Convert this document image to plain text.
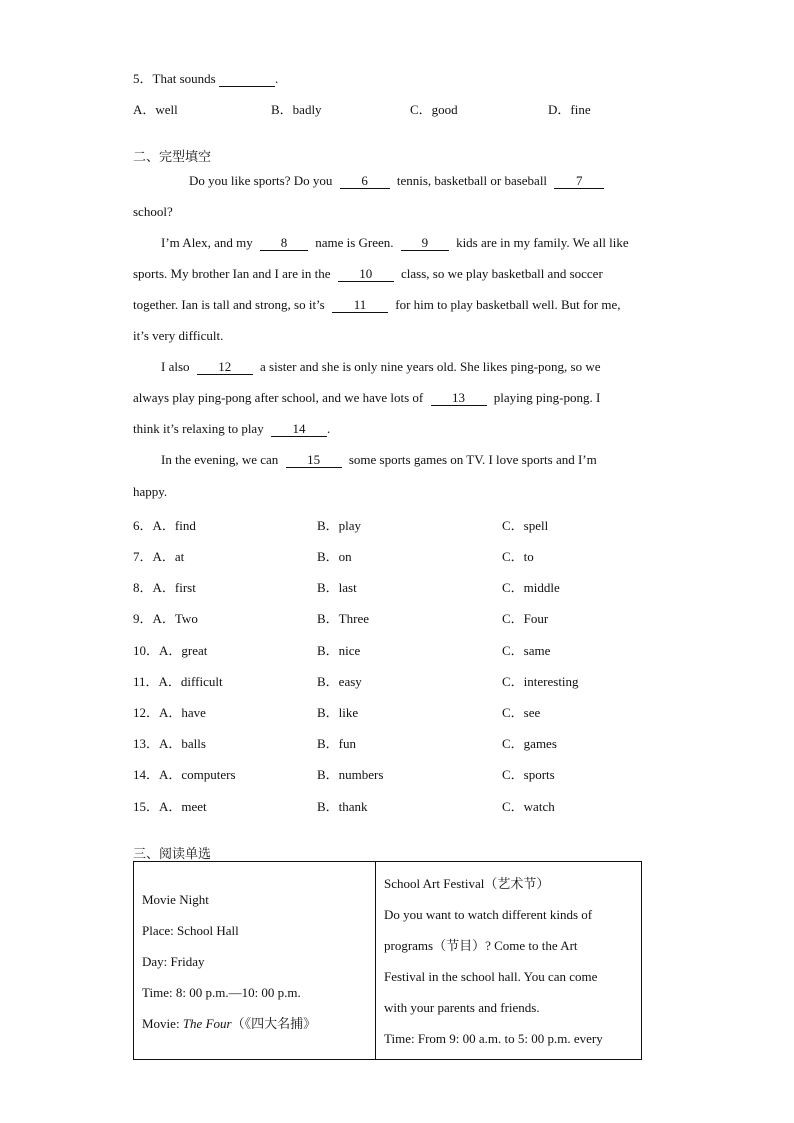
5．That sounds	.
A．well	B．badly	C．good	D．fine
二、完型填空
Do you like sports? Do you 6 tennis, basketball or baseball 7
school?
I’m Alex, and my 8 name is Green. 9 kids are in my family. We all like
sports. My brother Ian and I are in the 10 class, so we play basketball and soccer
together. Ian is tall and strong, so it’s 11 for him to play basketball well. But for me,
it’s very difficult.
I also 12 a sister and she is only nine years old. She likes ping-pong, so we
always play ping-pong after school, and we have lots of 13 playing ping-pong. I
think it’s relaxing to play 14 .
In the evening, we can 15 some sports games on TV. I love sports and I’m
happy.
6．A．find	B．play	C．spell
7．A．at	B．on	C．to
8．A．first	B．last	C．middle
9．A．Two	B．Three	C．Four
10．A．great	B．nice	C．same
11．A．difficult	B．easy	C．interesting
12．A．have	B．like	C．see
13．A．balls	B．fun	C．games
14．A．computers	B．numbers	C．sports
15．A．meet	B．thank	C．watch
三、阅读单选
Movie Night
Place: School Hall
Day: Friday
Time: 8: 00 p.m.—10: 00 p.m.
Movie: The Four（《四大名捕》

School Art Festival（艺术节）
Do you want to watch different kinds of
programs（节目）? Come to the Art
Festival in the school hall. You can come
with your parents and friends.
Time: From 9: 00 a.m. to 5: 00 p.m. every
